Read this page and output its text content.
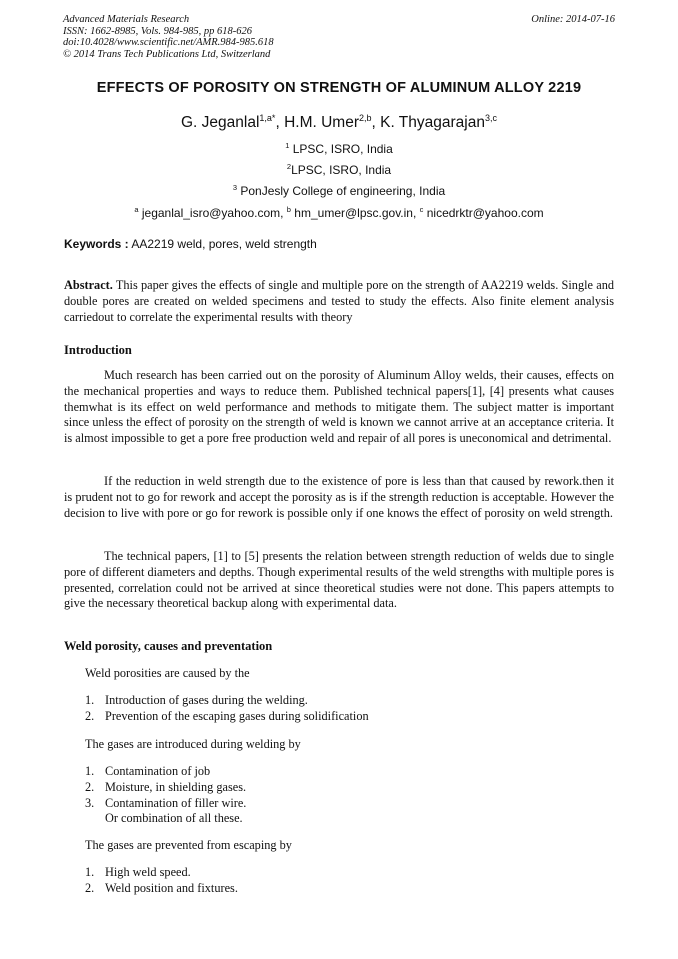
Advanced Materials Research
ISSN: 1662-8985, Vols. 984-985, pp 618-626
doi:10.4028/www.scientific.net/AMR.984-985.618
© 2014 Trans Tech Publications Ltd, Switzerland
Online: 2014-07-16
EFFECTS OF POROSITY ON STRENGTH OF ALUMINUM ALLOY 2219
G. Jeganlal$^{1,a*}$, H.M. Umer$^{2,b}$, K. Thyagarajan$^{3,c}$
$^1$ LPSC, ISRO, India
$^2$LPSC, ISRO, India
$^3$ PonJesly College of engineering, India
$^a$ jeganlal_isro@yahoo.com, $^b$ hm_umer@lpsc.gov.in, $^c$ nicedrktr@yahoo.com
Keywords : AA2219 weld, pores, weld strength
Abstract. This paper gives the effects of single and multiple pore on the strength of AA2219 welds. Single and double pores are created on welded specimens and tested to study the effects. Also finite element analysis carriedout to correlate the experimental results with theory
Introduction
Much research has been carried out on the porosity of Aluminum Alloy welds, their causes, effects on the mechanical properties and ways to reduce them. Published technical papers[1], [4] presents what causes themwhat is its effect on weld performance and methods to mitigate them. The subject matter is important since unless the effect of porosity on the strength of weld is known we cannot arrive at an acceptance criteria. It is almost impossible to get a pore free production weld and repair of all pores is uneconomical and detrimental.
If the reduction in weld strength due to the existence of pore is less than that caused by rework.then it is prudent not to go for rework and accept the porosity as is if the strength reduction is acceptable. However the decision to live with pore or go for rework is possible only if one knows the effect of porosity on weld strength.
The technical papers, [1] to [5] presents the relation between strength reduction of welds due to single pore of different diameters and depths. Though experimental results of the weld strengths with multiple pores is presented, correlation could not be arrived at since theoretical studies were not done. This papers attempts to give the necessary theoretical backup along with experimental data.
Weld porosity, causes and preventation
Weld porosities are caused by the
1. Introduction of gases during the welding.
2. Prevention of the escaping gases during solidification
The gases are introduced during welding by
1. Contamination of job
2. Moisture, in shielding gases.
3. Contamination of filler wire.
Or combination of all these.
The gases are prevented from escaping by
1. High weld speed.
2. Weld position and fixtures.
